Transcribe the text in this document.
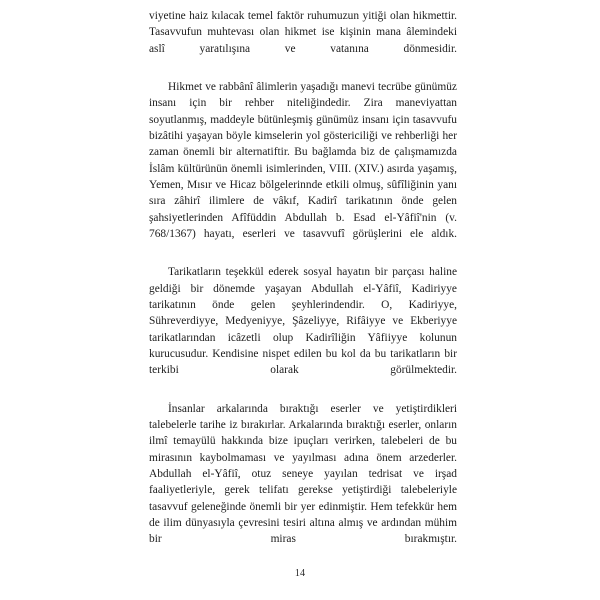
viyetine haiz kılacak temel faktör ruhumuzun yitiği olan hikmettir. Tasavvufun muhtevası olan hikmet ise kişinin mana âlemindeki aslî yaratılışına ve vatanına dönmesidir.

Hikmet ve rabbânî âlimlerin yaşadığı manevi tecrübe günümüz insanı için bir rehber niteliğindedir. Zira maneviyattan soyutlanmış, maddeyle bütünleşmiş günümüz insanı için tasavvufu bizâtihi yaşayan böyle kimselerin yol göstericiliği ve rehberliği her zaman önemli bir alternatiftir. Bu bağlamda biz de çalışmamızda İslâm kültürünün önemli isimlerinden, VIII. (XIV.) asırda yaşamış, Yemen, Mısır ve Hicaz bölgelerinnde etkili olmuş, sûfîliğinin yanı sıra zâhirî ilimlere de vâkıf, Kadirî tarikatının önde gelen şahsiyetlerinden Afîfüddin Abdullah b. Esad el-Yâfiî'nin (v. 768/1367) hayatı, eserleri ve tasavvufî görüşlerini ele aldık.

Tarikatların teşekkül ederek sosyal hayatın bir parçası haline geldiği bir dönemde yaşayan Abdullah el-Yâfiî, Kadiriyye tarikatının önde gelen şeyhlerindendir. O, Kadiriyye, Sühreverdiyye, Medyeniyye, Şâzeliyye, Rifâiyye ve Ekberiyye tarikatlarından icâzetli olup Kadirîliğin Yâfiiyye kolunun kurucusudur. Kendisine nispet edilen bu kol da bu tarikatların bir terkibi olarak görülmektedir.

İnsanlar arkalarında bıraktığı eserler ve yetiştirdikleri talebelerle tarihe iz bırakırlar. Arkalarında bıraktığı eserler, onların ilmî temayülü hakkında bize ipuçları verirken, talebeleri de bu mirasının kaybolmaması ve yayılması adına önem arzederler. Abdullah el-Yâfiî, otuz seneye yayılan tedrisat ve irşad faaliyetleriyle, gerek telifatı gerekse yetiştirdiği talebeleriyle tasavvuf geleneğinde önemli bir yer edinmiştir. Hem tefekkür hem de ilim dünyasıyla çevresini tesiri altına almış ve ardından mühim bir miras bırakmıştır.

14
